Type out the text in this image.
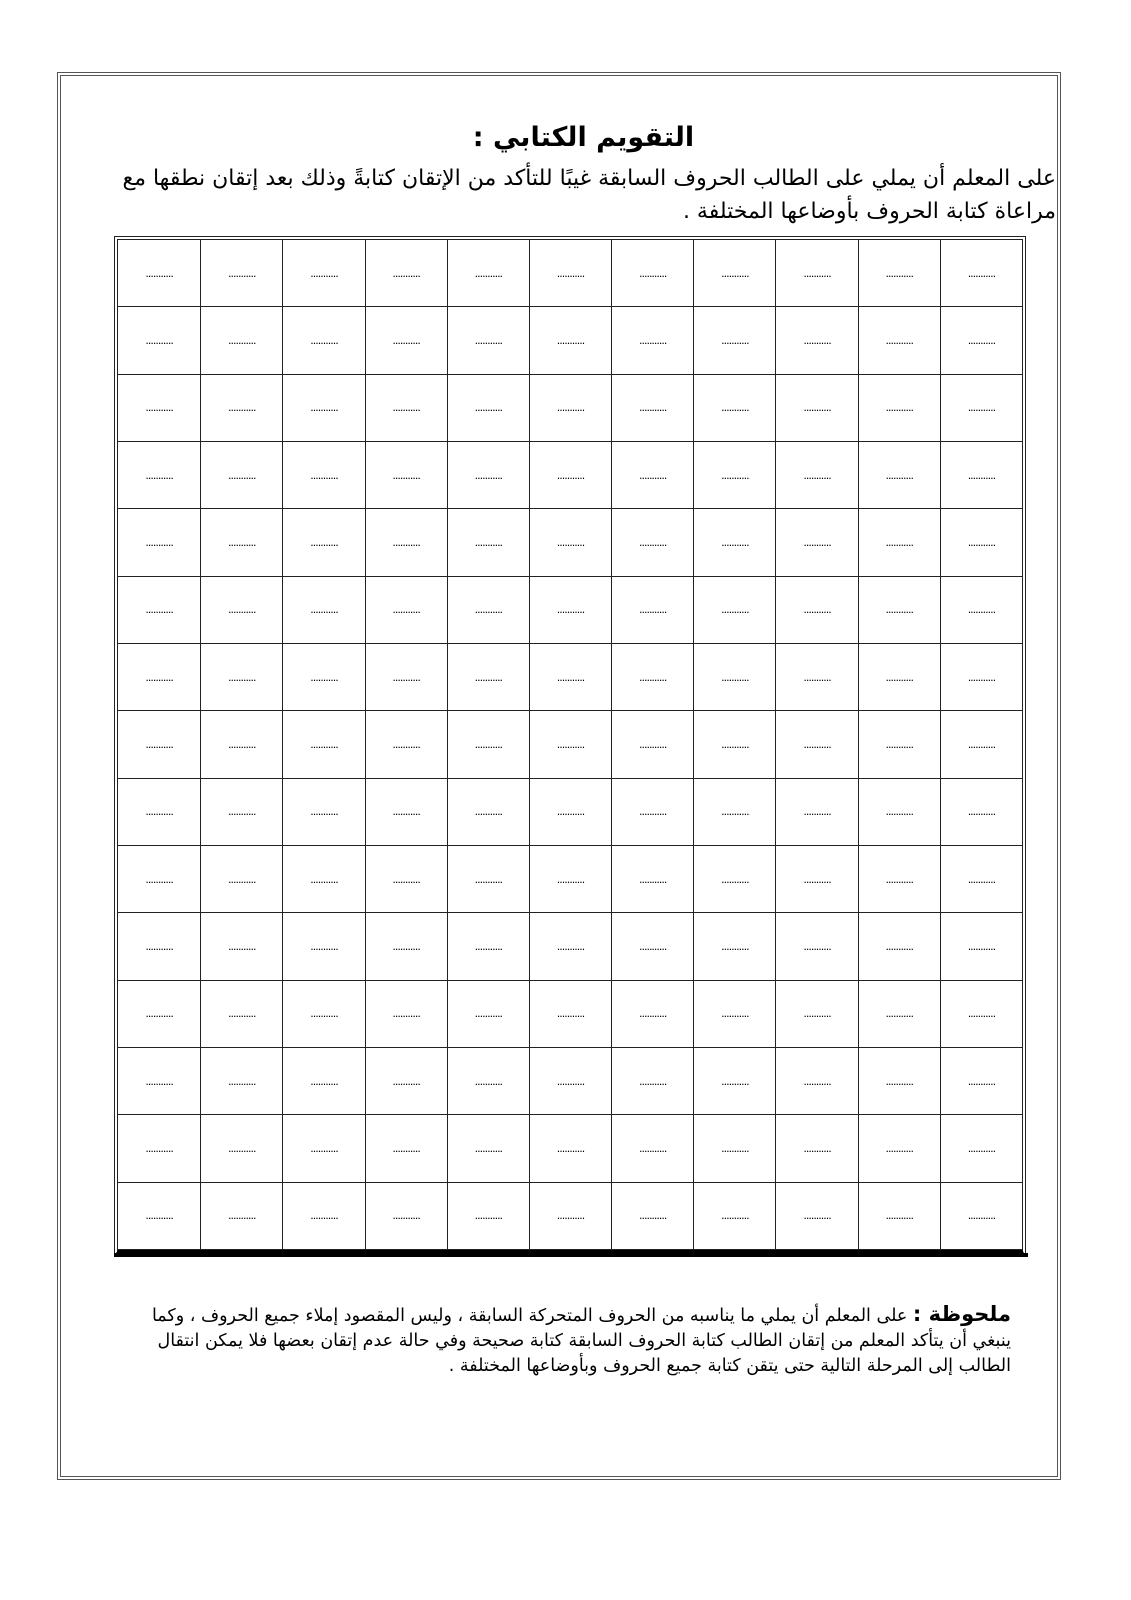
التقويم الكتابي :
على المعلم أن يملي على الطالب الحروف السابقة غيبًا للتأكد من الإتقان كتابةً وذلك بعد إتقان نطقها مع مراعاة كتابة الحروف بأوضاعها المختلفة .
...........
...........
...........
...........
...........
...........
...........
...........
...........
...........
...........
...........
...........
...........
...........
...........
...........
...........
...........
...........
...........
...........
...........
...........
...........
...........
...........
...........
...........
...........
...........
...........
...........
...........
...........
...........
...........
...........
...........
...........
...........
...........
...........
...........
...........
...........
...........
...........
...........
...........
...........
...........
...........
...........
...........
...........
...........
...........
...........
...........
...........
...........
...........
...........
...........
...........
...........
...........
...........
...........
...........
...........
...........
...........
...........
...........
...........
...........
...........
...........
...........
...........
...........
...........
...........
...........
...........
...........
...........
...........
...........
...........
...........
...........
...........
...........
...........
...........
...........
...........
...........
...........
...........
...........
...........
...........
...........
...........
...........
...........
...........
...........
...........
...........
...........
...........
...........
...........
...........
...........
...........
...........
...........
...........
...........
...........
...........
...........
...........
...........
...........
...........
...........
...........
...........
...........
...........
...........
...........
...........
...........
...........
...........
...........
...........
...........
...........
...........
...........
...........
...........
...........
...........
...........
...........
...........
...........
...........
...........
...........
...........
...........
...........
...........
...........
ملحوظة : على المعلم أن يملي ما يناسبه من الحروف المتحركة السابقة ، وليس المقصود إملاء جميع الحروف ، وكما ينبغي أن يتأكد المعلم من إتقان الطالب كتابة الحروف السابقة كتابة صحيحة وفي حالة عدم إتقان بعضها فلا يمكن انتقال الطالب إلى المرحلة التالية حتى يتقن كتابة جميع الحروف وبأوضاعها المختلفة .
